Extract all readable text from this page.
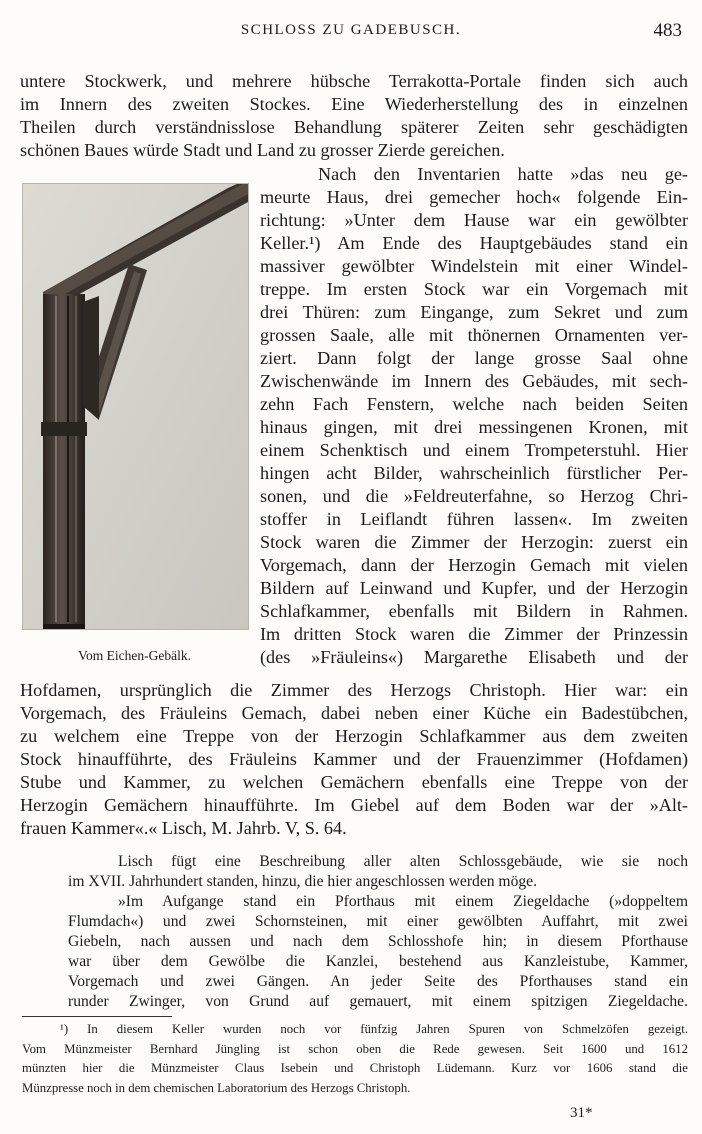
SCHLOSS ZU GADEBUSCH.	483
untere Stockwerk, und mehrere hübsche Terrakotta-Portale finden sich auch
im Innern des zweiten Stockes. Eine Wiederherstellung des in einzelnen
Theilen durch verständnisslose Behandlung späterer Zeiten sehr geschädigten
schönen Baues würde Stadt und Land zu grosser Zierde gereichen.
Vom Eichen-Gebälk.
Nach den Inventarien hatte »das neu ge-
meurte Haus, drei gemecher hoch« folgende Ein-
richtung: »Unter dem Hause war ein gewölbter
Keller.¹) Am Ende des Hauptgebäudes stand ein
massiver gewölbter Windelstein mit einer Windel-
treppe. Im ersten Stock war ein Vorgemach mit
drei Thüren: zum Eingange, zum Sekret und zum
grossen Saale, alle mit thönernen Ornamenten ver-
ziert. Dann folgt der lange grosse Saal ohne
Zwischenwände im Innern des Gebäudes, mit sech-
zehn Fach Fenstern, welche nach beiden Seiten
hinaus gingen, mit drei messingenen Kronen, mit
einem Schenktisch und einem Trompeterstuhl. Hier
hingen acht Bilder, wahrscheinlich fürstlicher Per-
sonen, und die »Feldreuterfahne, so Herzog Chri-
stoffer in Leiflandt führen lassen«. Im zweiten
Stock waren die Zimmer der Herzogin: zuerst ein
Vorgemach, dann der Herzogin Gemach mit vielen
Bildern auf Leinwand und Kupfer, und der Herzogin
Schlafkammer, ebenfalls mit Bildern in Rahmen.
Im dritten Stock waren die Zimmer der Prinzessin
(des »Fräuleins«) Margarethe Elisabeth und der
Hofdamen, ursprünglich die Zimmer des Herzogs Christoph. Hier war: ein
Vorgemach, des Fräuleins Gemach, dabei neben einer Küche ein Badestübchen,
zu welchem eine Treppe von der Herzogin Schlafkammer aus dem zweiten
Stock hinaufführte, des Fräuleins Kammer und der Frauenzimmer (Hofdamen)
Stube und Kammer, zu welchen Gemächern ebenfalls eine Treppe von der
Herzogin Gemächern hinaufführte. Im Giebel auf dem Boden war der »Alt-
frauen Kammer«.« Lisch, M. Jahrb. V, S. 64.
Lisch fügt eine Beschreibung aller alten Schlossgebäude, wie sie noch
im XVII. Jahrhundert standen, hinzu, die hier angeschlossen werden möge.
»Im Aufgange stand ein Pforthaus mit einem Ziegeldache (»doppeltem
Flumdach«) und zwei Schornsteinen, mit einer gewölbten Auffahrt, mit zwei
Giebeln, nach aussen und nach dem Schlosshofe hin; in diesem Pforthause
war über dem Gewölbe die Kanzlei, bestehend aus Kanzleistube, Kammer,
Vorgemach und zwei Gängen. An jeder Seite des Pforthauses stand ein
runder Zwinger, von Grund auf gemauert, mit einem spitzigen Ziegeldache.
¹) In diesem Keller wurden noch vor fünfzig Jahren Spuren von Schmelzöfen gezeigt.
Vom Münzmeister Bernhard Jüngling ist schon oben die Rede gewesen. Seit 1600 und 1612
münzten hier die Münzmeister Claus Isebein und Christoph Lüdemann. Kurz vor 1606 stand die
Münzpresse noch in dem chemischen Laboratorium des Herzogs Christoph.
31*
